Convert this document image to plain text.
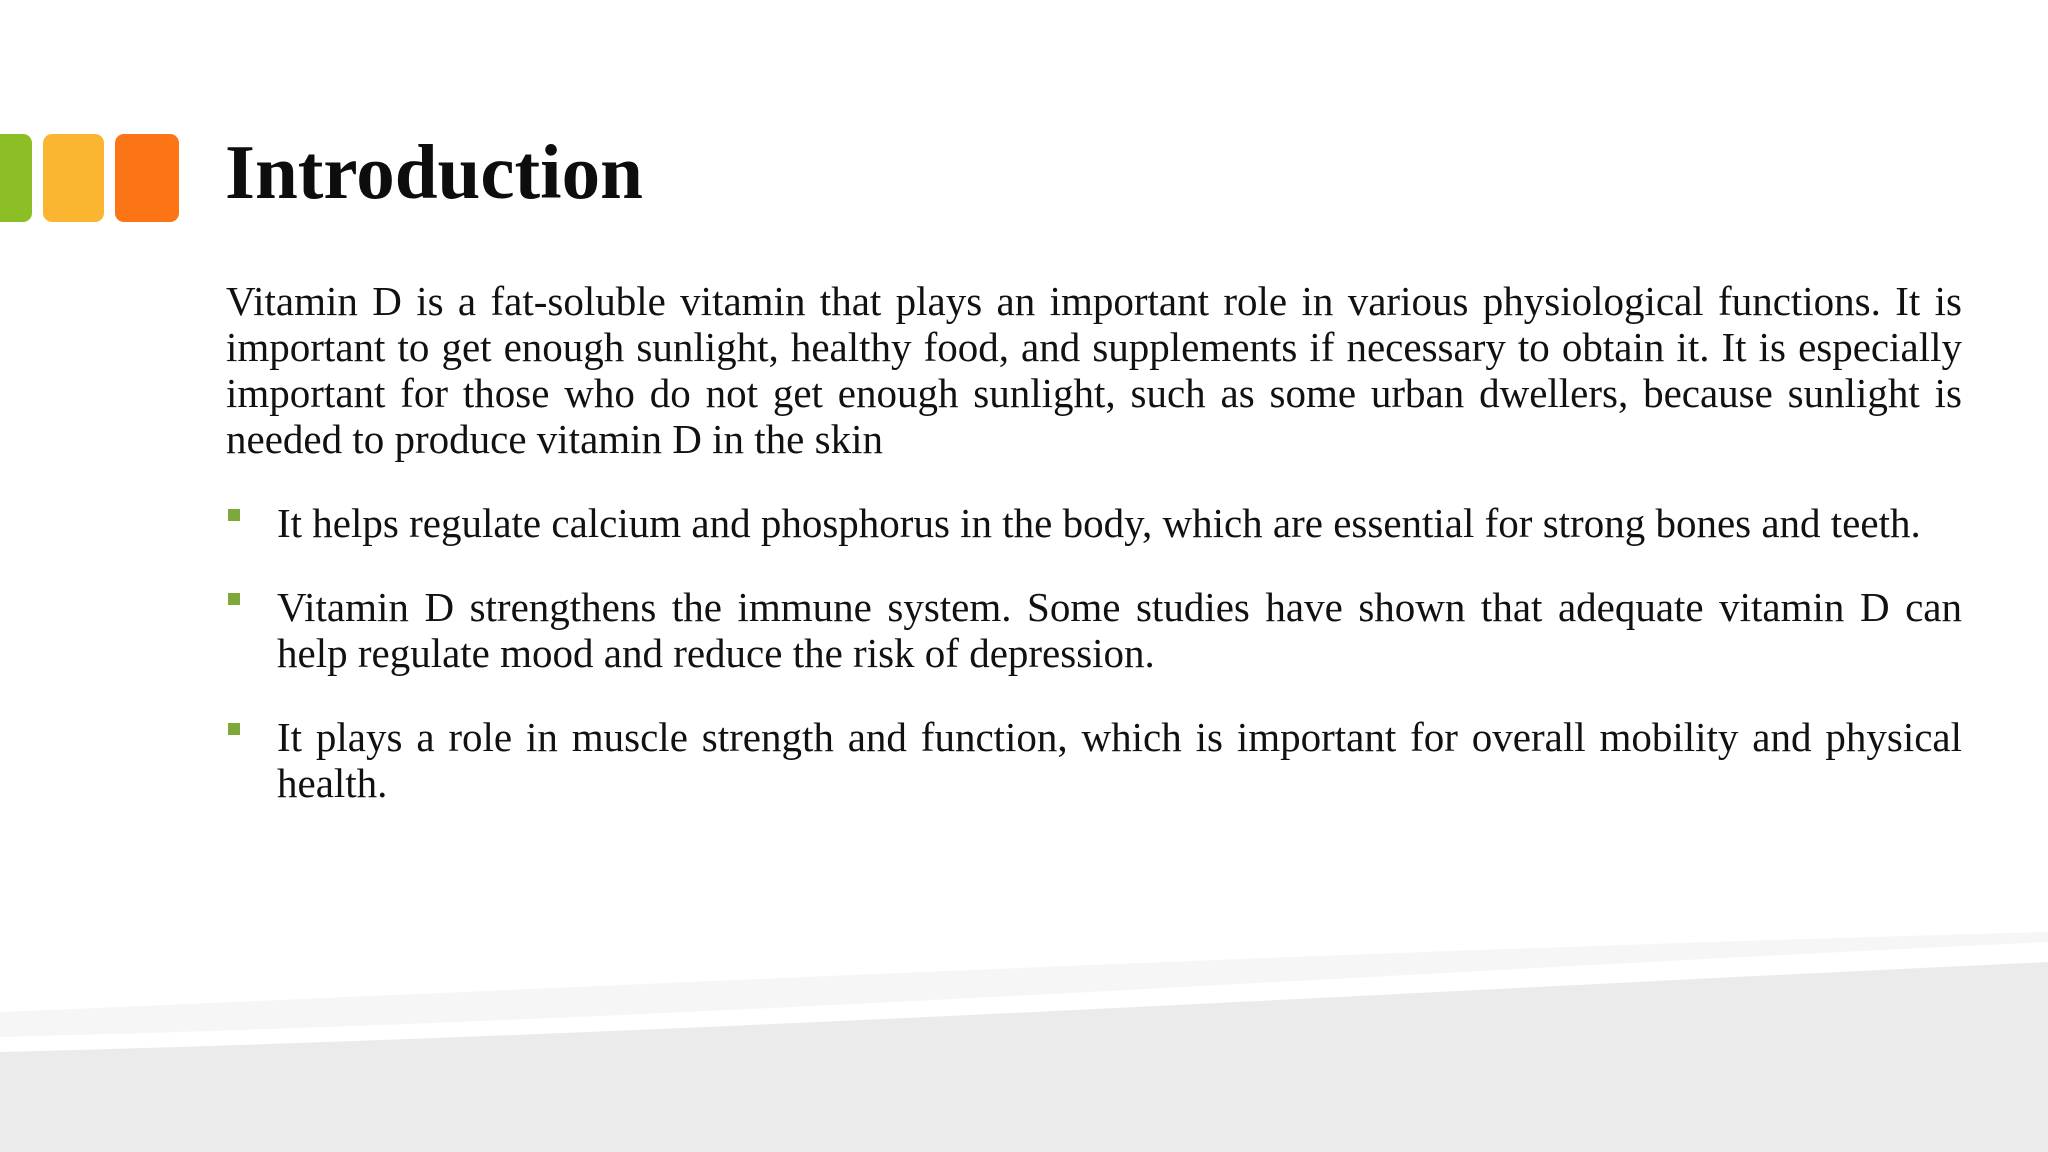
Introduction

Vitamin D is a fat-soluble vitamin that plays an important role in various physiological functions. It is important to get enough sunlight, healthy food, and supplements if necessary to obtain it. It is especially important for those who do not get enough sunlight, such as some urban dwellers, because sunlight is needed to produce vitamin D in the skin

It helps regulate calcium and phosphorus in the body, which are essential for strong bones and teeth.
Vitamin D strengthens the immune system. Some studies have shown that adequate vitamin D can help regulate mood and reduce the risk of depression.
It plays a role in muscle strength and function, which is important for overall mobility and physical health.
